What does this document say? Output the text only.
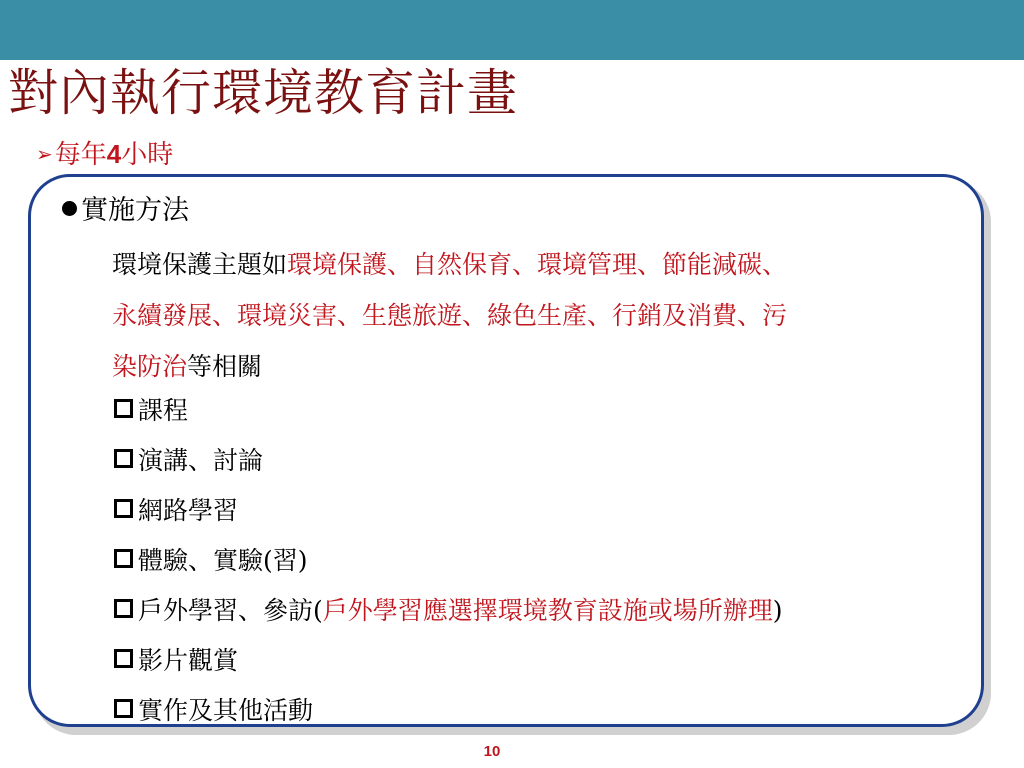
對內執行環境教育計畫
➢每年4小時
實施方法
環境保護主題如環境保護、自然保育、環境管理、節能減碳、
永續發展、環境災害、生態旅遊、綠色生產、行銷及消費、污
染防治等相關
課程
演講、討論
網路學習
體驗、實驗(習)
戶外學習、參訪(戶外學習應選擇環境教育設施或場所辦理)
影片觀賞
實作及其他活動
10
